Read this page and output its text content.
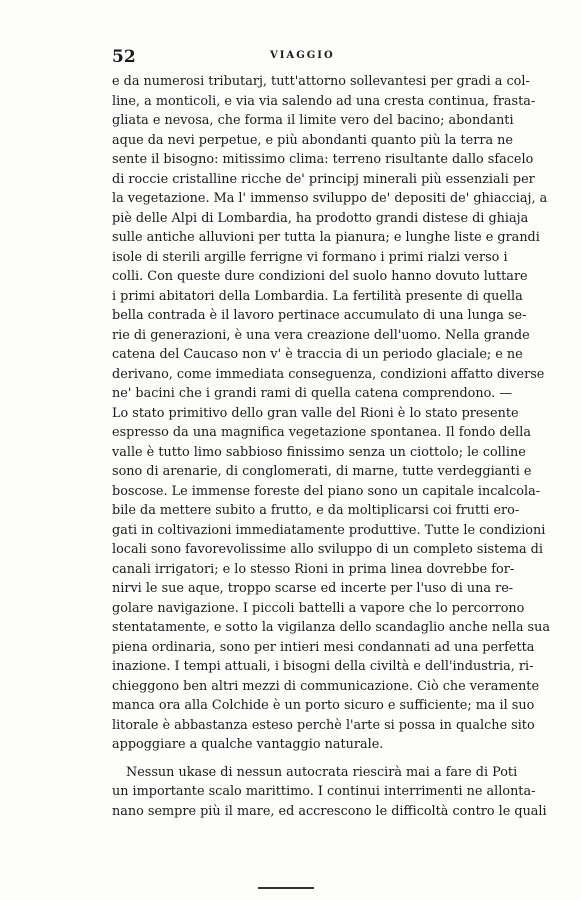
52	VIAGGIO
e da numerosi tributarj, tutt'attorno sollevantesi per gradi a col-
line, a monticoli, e via via salendo ad una cresta continua, frasta-
gliata e nevosa, che forma il limite vero del bacino; abondanti
aque da nevi perpetue, e più abondanti quanto più la terra ne
sente il bisogno: mitissimo clima: terreno risultante dallo sfacelo
di roccie cristalline ricche de' principj minerali più essenziali per
la vegetazione. Ma l' immenso sviluppo de' depositi de' ghiacciaj, a
piè delle Alpi di Lombardia, ha prodotto grandi distese di ghiaja
sulle antiche alluvioni per tutta la pianura; e lunghe liste e grandi
isole di sterili argille ferrigne vi formano i primi rialzi verso i
colli. Con queste dure condizioni del suolo hanno dovuto luttare
i primi abitatori della Lombardia. La fertilità presente di quella
bella contrada è il lavoro pertinace accumulato di una lunga se-
rie di generazioni, è una vera creazione dell'uomo. Nella grande
catena del Caucaso non v' è traccia di un periodo glaciale; e ne
derivano, come immediata conseguenza, condizioni affatto diverse
ne' bacini che i grandi rami di quella catena comprendono. —
Lo stato primitivo dello gran valle del Rioni è lo stato presente
espresso da una magnifica vegetazione spontanea. Il fondo della
valle è tutto limo sabbioso finissimo senza un ciottolo; le colline
sono di arenarie, di conglomerati, di marne, tutte verdeggianti e
boscose. Le immense foreste del piano sono un capitale incalcola-
bile da mettere subito a frutto, e da moltiplicarsi coi frutti ero-
gati in coltivazioni immediatamente produttive. Tutte le condizioni
locali sono favorevolissime allo sviluppo di un completo sistema di
canali irrigatori; e lo stesso Rioni in prima linea dovrebbe for-
nirvi le sue aque, troppo scarse ed incerte per l'uso di una re-
golare navigazione. I piccoli battelli a vapore che lo percorrono
stentatamente, e sotto la vigilanza dello scandaglio anche nella sua
piena ordinaria, sono per intieri mesi condannati ad una perfetta
inazione. I tempi attuali, i bisogni della civiltà e dell'industria, ri-
chieggono ben altri mezzi di communicazione. Ciò che veramente
manca ora alla Colchide è un porto sicuro e sufficiente; ma il suo
litorale è abbastanza esteso perchè l'arte si possa in qualche sito
appoggiare a qualche vantaggio naturale.
Nessun ukase di nessun autocrata riescirà mai a fare di Poti
un importante scalo marittimo. I continui interrimenti ne allonta-
nano sempre più il mare, ed accrescono le difficoltà contro le quali
